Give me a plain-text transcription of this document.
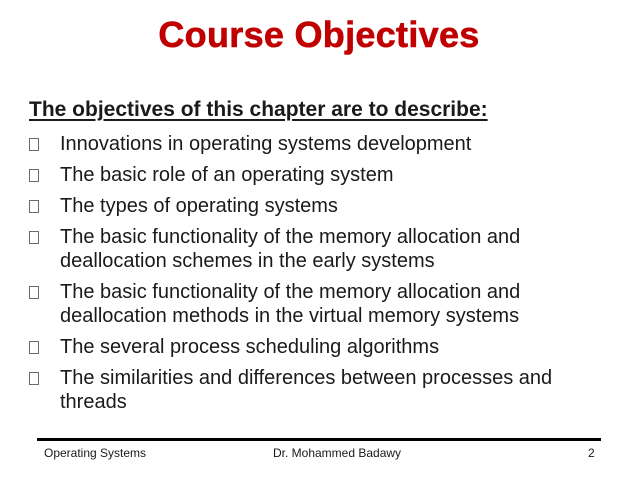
Course Objectives
The objectives of this chapter are to describe:
Innovations in operating systems development
The basic role of an operating system
The types of operating systems
The basic functionality of the memory allocation and deallocation schemes in the early systems
The basic functionality of the memory allocation and deallocation methods in the virtual memory systems
The several process scheduling algorithms
The similarities and differences between processes and threads
Operating Systems	Dr. Mohammed Badawy	2
